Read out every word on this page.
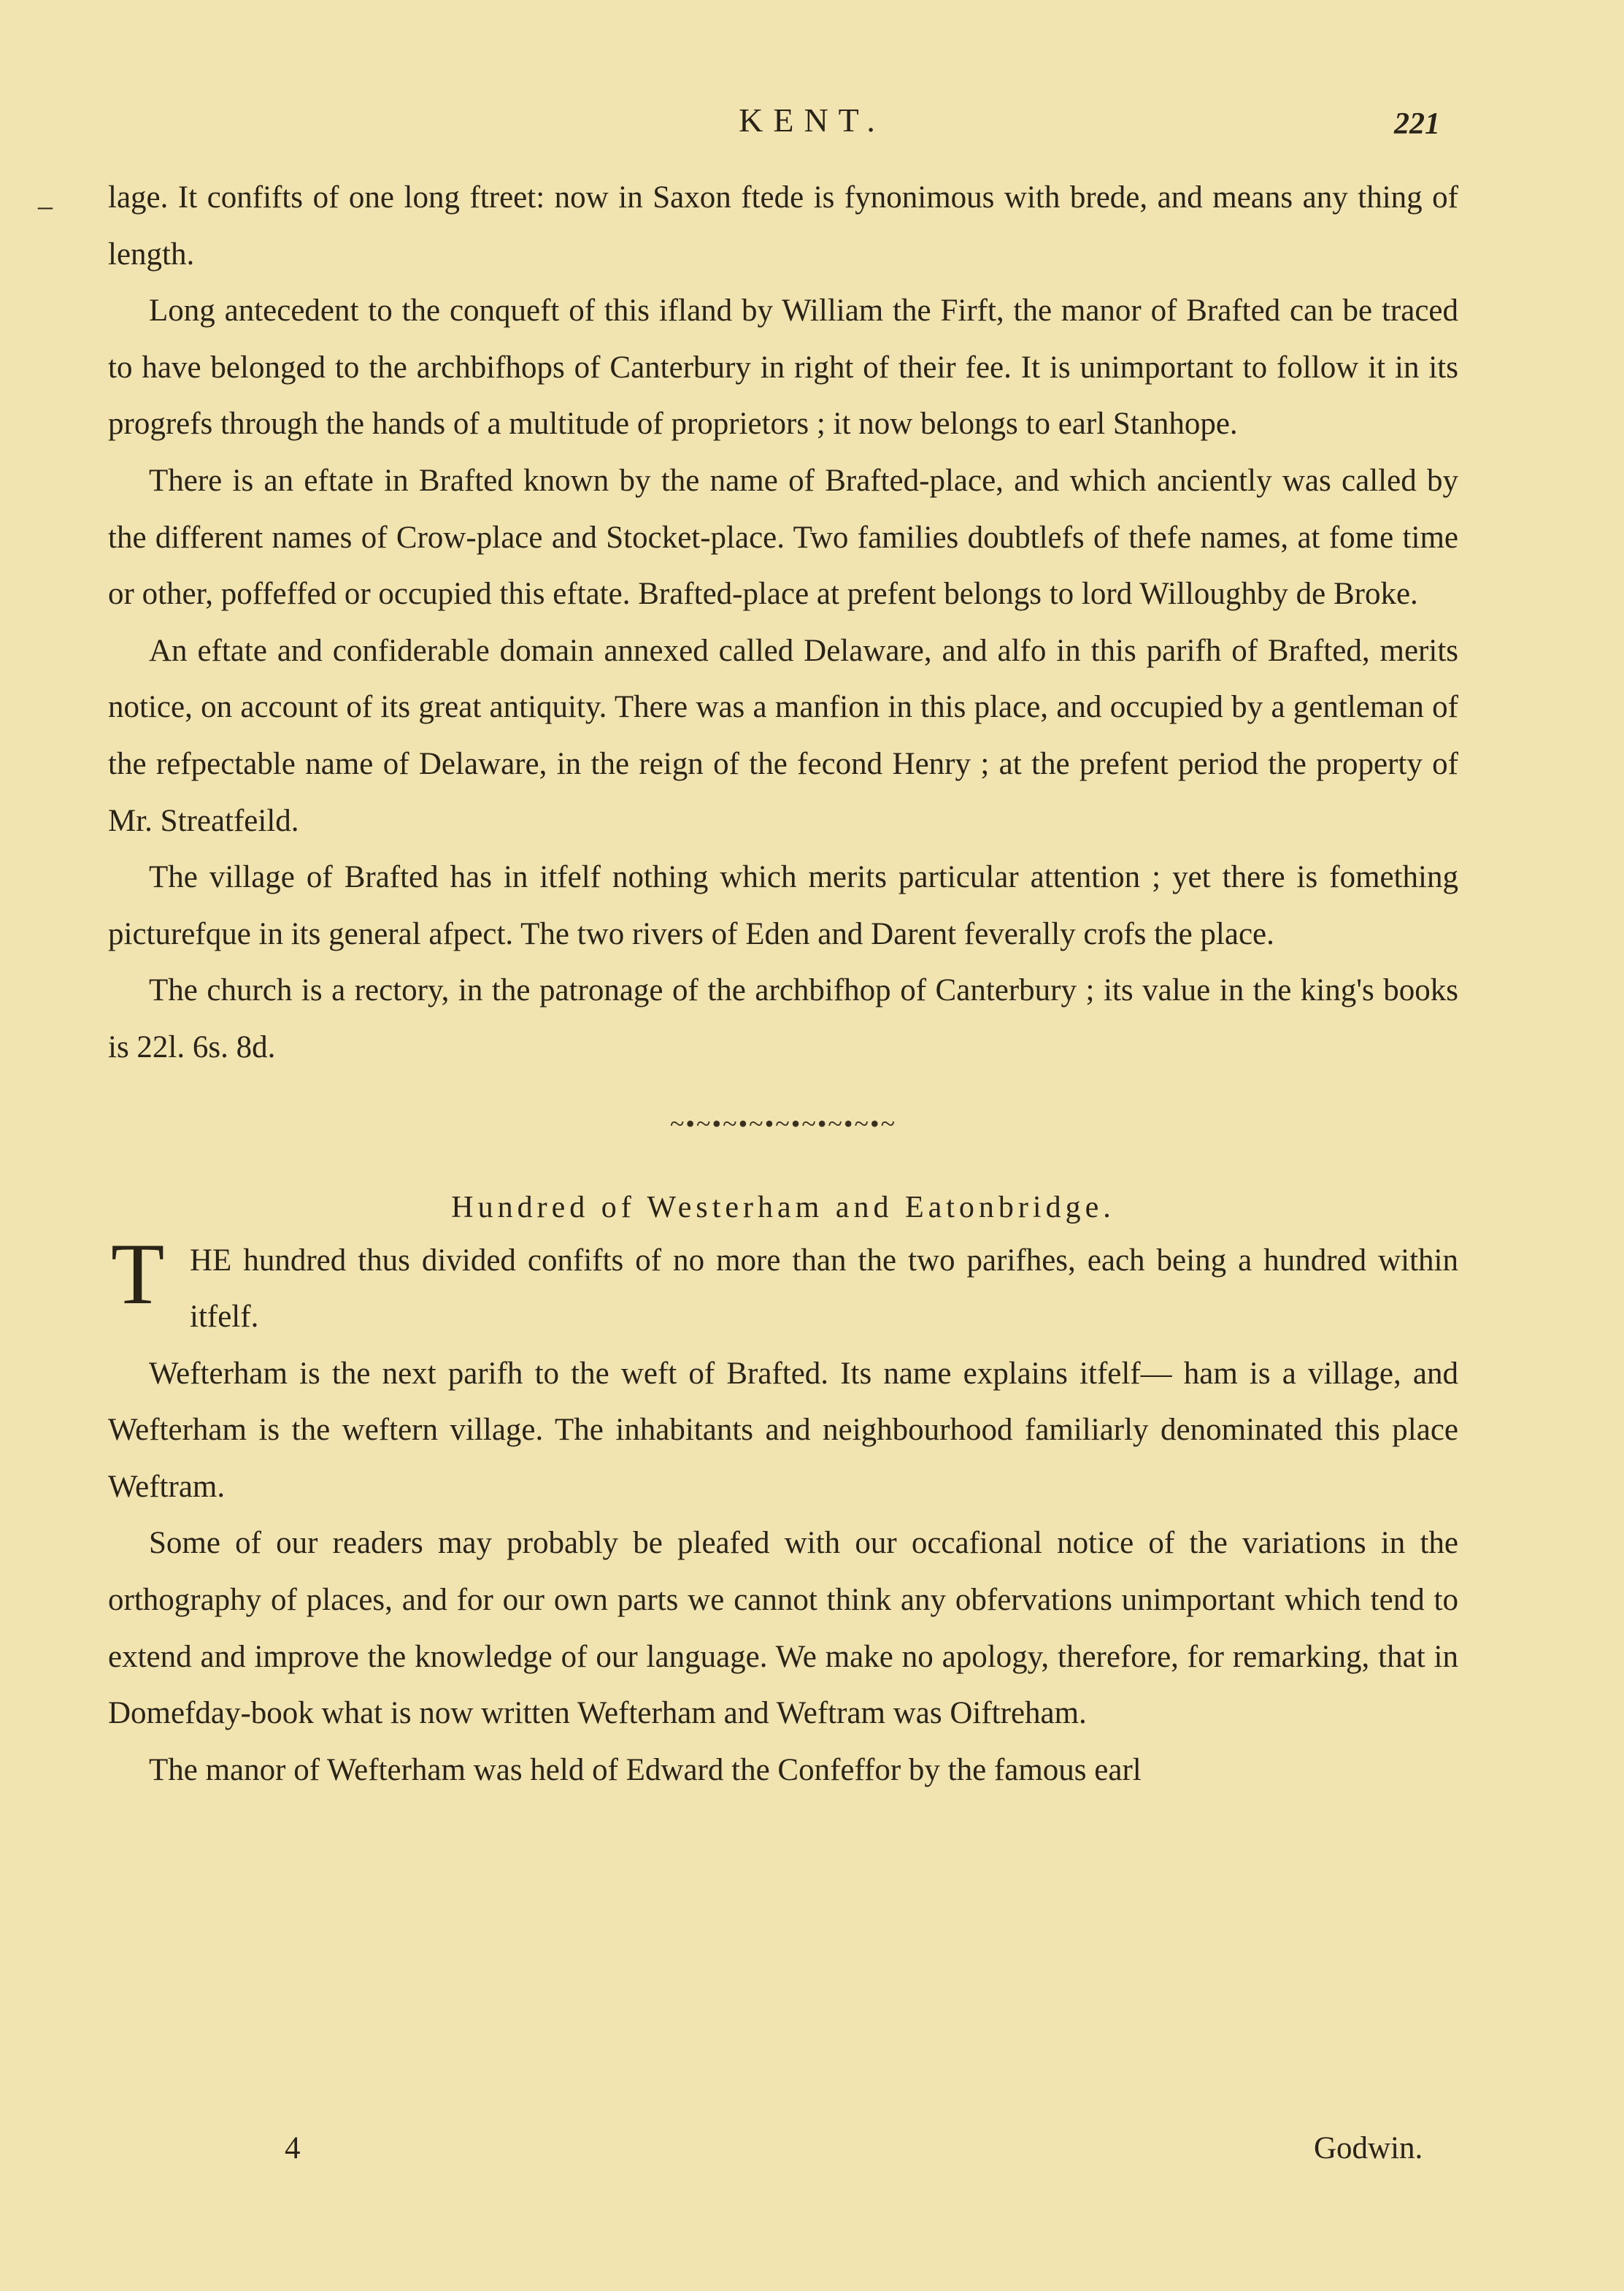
KENT.	221
– lage. It confifts of one long ftreet: now in Saxon ftede is fynonimous with brede, and means any thing of length.

Long antecedent to the conqueft of this ifland by William the Firft, the manor of Brafted can be traced to have belonged to the archbifhops of Canterbury in right of their fee. It is unimportant to follow it in its progrefs through the hands of a multitude of proprietors ; it now belongs to earl Stanhope.

There is an eftate in Brafted known by the name of Brafted-place, and which anciently was called by the different names of Crow-place and Stocket-place. Two families doubtlefs of thefe names, at fome time or other, poffeffed or occupied this eftate. Brafted-place at prefent belongs to lord Willoughby de Broke.

An eftate and confiderable domain annexed called Delaware, and alfo in this parifh of Brafted, merits notice, on account of its great antiquity. There was a manfion in this place, and occupied by a gentleman of the refpectable name of Delaware, in the reign of the fecond Henry ; at the prefent period the property of Mr. Streatfeild.

The village of Brafted has in itfelf nothing which merits particular attention ; yet there is fomething picturefque in its general afpect. The two rivers of Eden and Darent feverally crofs the place.

The church is a rectory, in the patronage of the archbifhop of Canterbury ; its value in the king's books is 22l. 6s. 8d.

~•~•~•~•~•~•~•~•~
Hundred of Westerham and Eatonbridge.

T HE hundred thus divided confifts of no more than the two parifhes, each being a hundred within itfelf.

Wefterham is the next parifh to the weft of Brafted. Its name explains itfelf— ham is a village, and Wefterham is the weftern village. The inhabitants and neighbourhood familiarly denominated this place Weftram.

Some of our readers may probably be pleafed with our occafional notice of the variations in the orthography of places, and for our own parts we cannot think any obfervations unimportant which tend to extend and improve the knowledge of our language. We make no apology, therefore, for remarking, that in Domefday-book what is now written Wefterham and Weftram was Oiftreham.

The manor of Wefterham was held of Edward the Confeffor by the famous earl

4	Godwin.
